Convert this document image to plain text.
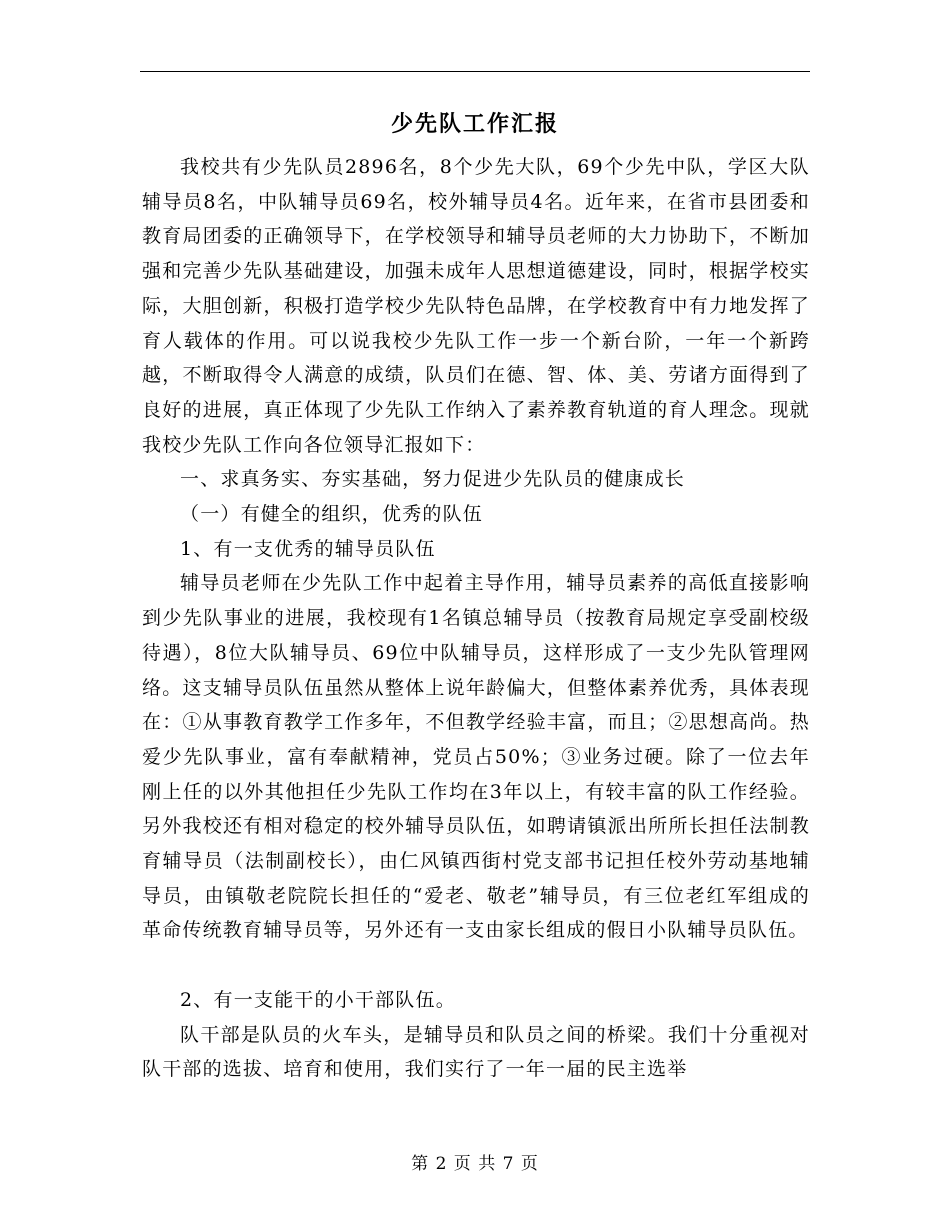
少先队工作汇报

我校共有少先队员2896名，8个少先大队，69个少先中队，学区大队辅导员8名，中队辅导员69名，校外辅导员4名。近年来，在省市县团委和教育局团委的正确领导下，在学校领导和辅导员老师的大力协助下，不断加强和完善少先队基础建设，加强未成年人思想道德建设，同时，根据学校实际，大胆创新，积极打造学校少先队特色品牌，在学校教育中有力地发挥了育人载体的作用。可以说我校少先队工作一步一个新台阶，一年一个新跨越，不断取得令人满意的成绩，队员们在德、智、体、美、劳诸方面得到了良好的进展，真正体现了少先队工作纳入了素养教育轨道的育人理念。现就我校少先队工作向各位领导汇报如下：

一、求真务实、夯实基础，努力促进少先队员的健康成长

（一）有健全的组织，优秀的队伍

1、有一支优秀的辅导员队伍

辅导员老师在少先队工作中起着主导作用，辅导员素养的高低直接影响到少先队事业的进展，我校现有1名镇总辅导员（按教育局规定享受副校级待遇），8位大队辅导员、69位中队辅导员，这样形成了一支少先队管理网络。这支辅导员队伍虽然从整体上说年龄偏大，但整体素养优秀，具体表现在：①从事教育教学工作多年，不但教学经验丰富，而且；②思想高尚。热爱少先队事业，富有奉献精神，党员占50%；③业务过硬。除了一位去年刚上任的以外其他担任少先队工作均在3年以上，有较丰富的队工作经验。另外我校还有相对稳定的校外辅导员队伍，如聘请镇派出所所长担任法制教育辅导员（法制副校长），由仁风镇西街村党支部书记担任校外劳动基地辅导员，由镇敬老院院长担任的“爱老、敬老”辅导员，有三位老红军组成的革命传统教育辅导员等，另外还有一支由家长组成的假日小队辅导员队伍。

2、有一支能干的小干部队伍。

队干部是队员的火车头，是辅导员和队员之间的桥梁。我们十分重视对队干部的选拔、培育和使用，我们实行了一年一届的民主选举

第 2 页 共 7 页
